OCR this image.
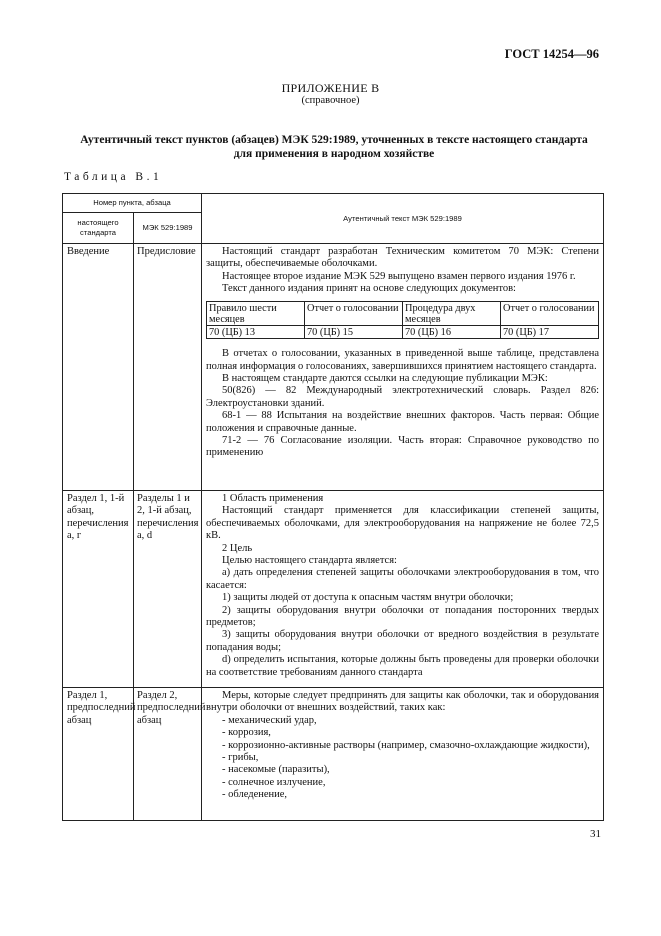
ГОСТ 14254—96
ПРИЛОЖЕНИЕ В
(справочное)
Аутентичный текст пунктов (абзацев) МЭК 529:1989, уточненных в тексте настоящего стандарта
для применения в народном хозяйстве
Таблица В.1
Номер пункта, абзаца	Аутентичный текст МЭК 529:1989
настоящего стандарта	МЭК 529:1989
Введение	Предисловие	Настоящий стандарт разработан Техническим комитетом 70 МЭК: Степени защиты, обеспечиваемые оболочками.

Настоящее второе издание МЭК 529 выпущено взамен первого издания 1976 г.

Текст данного издания принят на основе следующих документов:

Правило шести месяцев	Отчет о голосовании	Процедура двух месяцев	Отчет о голосовании
70 (ЦБ) 13	70 (ЦБ) 15	70 (ЦБ) 16	70 (ЦБ) 17

В отчетах о голосовании, указанных в приведенной выше таблице, представлена полная информация о голосованиях, завершившихся принятием настоящего стандарта.

В настоящем стандарте даются ссылки на следующие публикации МЭК:

50(826) — 82 Международный электротехнический словарь. Раздел 826: Электроустановки зданий.

68-1 — 88 Испытания на воздействие внешних факторов. Часть первая: Общие положения и справочные данные.

71-2 — 76 Согласование изоляции. Часть вторая: Справочное руководство по применению

Раздел 1, 1-й абзац, перечисления а, г	Разделы 1 и 2, 1-й абзац, перечисления а, d	

1 Область применения

Настоящий стандарт применяется для классификации степеней защиты, обеспечиваемых оболочками, для электрооборудования на напряжение не более 72,5 кВ.

2 Цель

Целью настоящего стандарта является:

а) дать определения степеней защиты оболочками электрооборудования в том, что касается:

1) защиты людей от доступа к опасным частям внутри оболочки;

2) защиты оборудования внутри оболочки от попадания посторонних твердых предметов;

3) защиты оборудования внутри оболочки от вредного воздействия в результате попадания воды;

d) определить испытания, которые должны быть проведены для проверки оболочки на соответствие требованиям данного стандарта

Раздел 1, предпоследний абзац	Раздел 2, предпоследний абзац	

Меры, которые следует предпринять для защиты как оболочки, так и оборудования внутри оболочки от внешних воздействий, таких как:

- механический удар,

- коррозия,

- коррозионно-активные растворы (например, смазочно-охлаждающие жидкости),

- грибы,

- насекомые (паразиты),

- солнечное излучение,

- обледенение,

31
